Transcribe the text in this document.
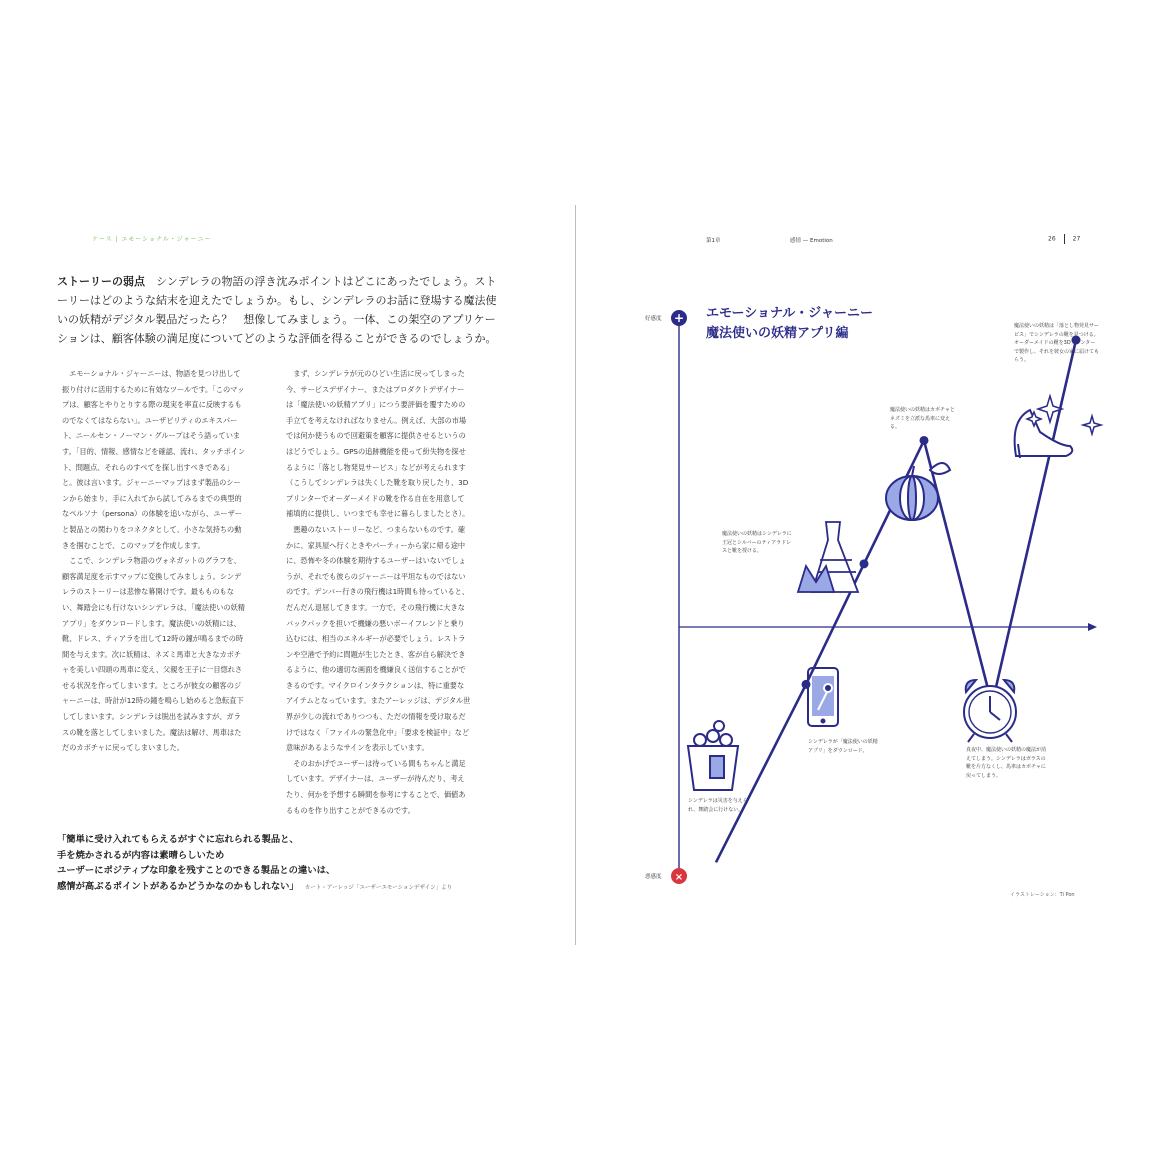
ケース | エモーショナル・ジャーニー
ストーリーの弱点　シンデレラの物語の浮き沈みポイントはどこにあったでしょう。ストーリーはどのような結末を迎えたでしょうか。もし、シンデレラのお話に登場する魔法使いの妖精がデジタル製品だったら？　想像してみましょう。一体、この架空のアプリケーションは、顧客体験の満足度についてどのような評価を得ることができるのでしょうか。

エモーショナル・ジャーニーは、物語を見つけ出して振り付けに活用するために有効なツールです。「このマップは、顧客とやりとりする際の現実を率直に反映するものでなくてはならない」。ユーザビリティのエキスパート、ニールセン・ノーマン・グループはそう語っています。「目的、情報、感情などを確認、流れ、タッチポイント、問題点、それらのすべてを探し出すべきである」と。彼は言います。ジャーニーマップはまず製品のシーンから始まり、手に入れてから試してみるまでの典型的なペルソナ（persona）の体験を追いながら、ユーザーと製品との関わりをコネクタとして、小さな気持ちの動きを掴むことで、このマップを作成します。

ここで、シンデレラ物語のヴォネガットのグラフを、顧客満足度を示すマップに変換してみましょう。シンデレラのストーリーは悲惨な幕開けです。最もものもない、舞踏会にも行けないシンデレラは、「魔法使いの妖精アプリ」をダウンロードします。魔法使いの妖精には、靴、ドレス、ティアラを出して12時の鐘が鳴るまでの時間を与えます。次に妖精は、ネズミ馬車と大きなカボチャを美しい四頭の馬車に変え、父親を王子に一目惚れさせる状況を作ってしまいます。ところが彼女の顧客のジャーニーは、時計が12時の鐘を鳴らし始めると急転直下してしまいます。シンデレラは脱出を試みますが、ガラスの靴を落としてしまいました。魔法は解け、馬車はただのカボチャに戻ってしまいました。

まず、シンデレラが元のひどい生活に戻ってしまった今、サービスデザイナー、またはプロダクトデザイナーは「魔法使いの妖精アプリ」につう要評価を覆すための手立てを考えなければなりません。例えば、大部の市場では何か使うもので回避策を顧客に提供させるというのはどうでしょう。GPSの追跡機能を使って紛失物を探せるように「落とし物発見サービス」などが考えられます（こうしてシンデレラは失くした靴を取り戻したり、3Dプリンターでオーダーメイドの靴を作る自在を用意して補填的に提供し、いつまでも幸せに暮らしましたとさ）。

悪趣のないストーリーなど、つまらないものです。確かに、家具屋へ行くときやパーティーから家に帰る途中に、恐怖や冬の体験を期待するユーザーはいないでしょうが、それでも彼らのジャーニーは平坦なものではないのです。デンバー行きの飛行機は1時間も待っていると、だんだん退屈してきます。一方で、その飛行機に大きなバックパックを担いで機嫌の悪いボーイフレンドと乗り込むには、相当のエネルギーが必要でしょう。レストランや空港で予約に問題が生じたとき、客が自ら解決できるように、他の適切な画面を機嫌良く送信することができるのです。マイクロインタラクションは、特に重要なアイテムとなっています。またアーレッジは、デジタル世界が少しの流れでありつつも、ただの情報を受け取るだけではなく「ファイルの緊急化中」「要求を検証中」など意味があるようなサインを表示しています。

そのおかげでユーザーは待っている間もちゃんと満足しています。デザイナーは、ユーザーが待んだり、考えたり、何かを予想する瞬間を参考にすることで、価値あるものを作り出すことができるのです。

「簡単に受け入れてもらえるがすぐに忘れられる製品と、
手を焼かされるが内容は素晴らしいため
ユーザーにポジティブな印象を残すことのできる製品との違いは、
感情が高ぶるポイントがあるかどうかなのかもしれない」 カート・アーレッジ「ユーザーエモーションデザイン」より
第1章	感情 — Emotion	26	27
エモーショナル・ジャーニー
魔法使いの妖精アプリ編
好感度
悪感度
+
×
シンデレラは災害を与えられ、舞踏会に行けない。
シンデレラが「魔法使いの妖精アプリ」をダウンロード。
魔法使いの妖精はシンデレラに王冠とシルバーのティアラドレスと靴を授ける。
魔法使いの妖精はカボチャとネズミを立派な馬車に変える。
真夜中、魔法使いの妖精の魔法が消えてしまう。シンデレラはガラスの靴を片方なくし、馬車はカボチャに戻ってしまう。
魔法使いの妖精は「落とし物発見サービス」でシンデレラの靴を見つける。オーダーメイドの靴を3Dプリンターで製作し、それを彼女の家に届けてもらう。
イラストレーション：Ti Pon
